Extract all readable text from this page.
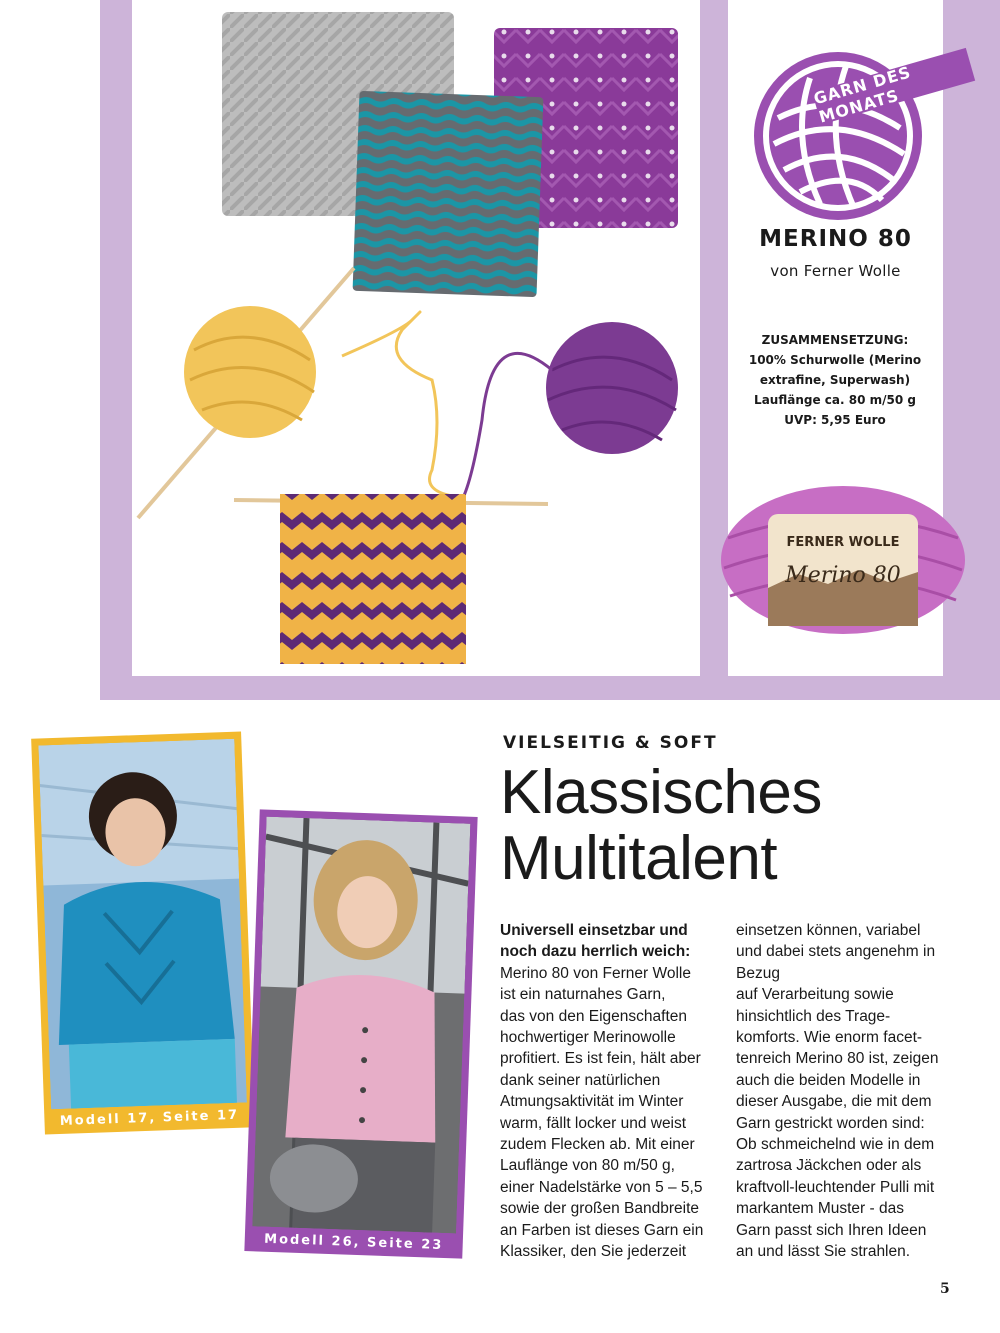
GARN DES MONATS
MERINO 80
von Ferner Wolle
ZUSAMMENSETZUNG:
100% Schurwolle (Merino
extrafine, Superwash)
Lauflänge ca. 80 m/50 g
UVP: 5,95 Euro
FERNER WOLLE
Merino 80
Modell 17, Seite 17
Modell 26, Seite 23
VIELSEITIG & SOFT
Klassisches
Multitalent
Universell einsetzbar und
noch dazu herrlich weich:
Merino 80 von Ferner Wolle
ist ein naturnahes Garn,
das von den Eigenschaften
hochwertiger Merinowolle
profitiert. Es ist fein, hält aber
dank seiner natürlichen
Atmungsaktivität im Winter
warm, fällt locker und weist
zudem Flecken ab. Mit einer
Lauflänge von 80 m/50 g,
einer Nadelstärke von 5 – 5,5
sowie der großen Bandbreite
an Farben ist dieses Garn ein
Klassiker, den Sie jederzeit
einsetzen können, variabel
und dabei stets angenehm in
Bezug
auf Verarbeitung sowie
hinsichtlich des Trage-
komforts. Wie enorm facet-
tenreich Merino 80 ist, zeigen
auch die beiden Modelle in
dieser Ausgabe, die mit dem
Garn gestrickt worden sind:
Ob schmeichelnd wie in dem
zartrosa Jäckchen oder als
kraftvoll-leuchtender Pulli mit
markantem Muster - das
Garn passt sich Ihren Ideen
an und lässt Sie strahlen.
5
